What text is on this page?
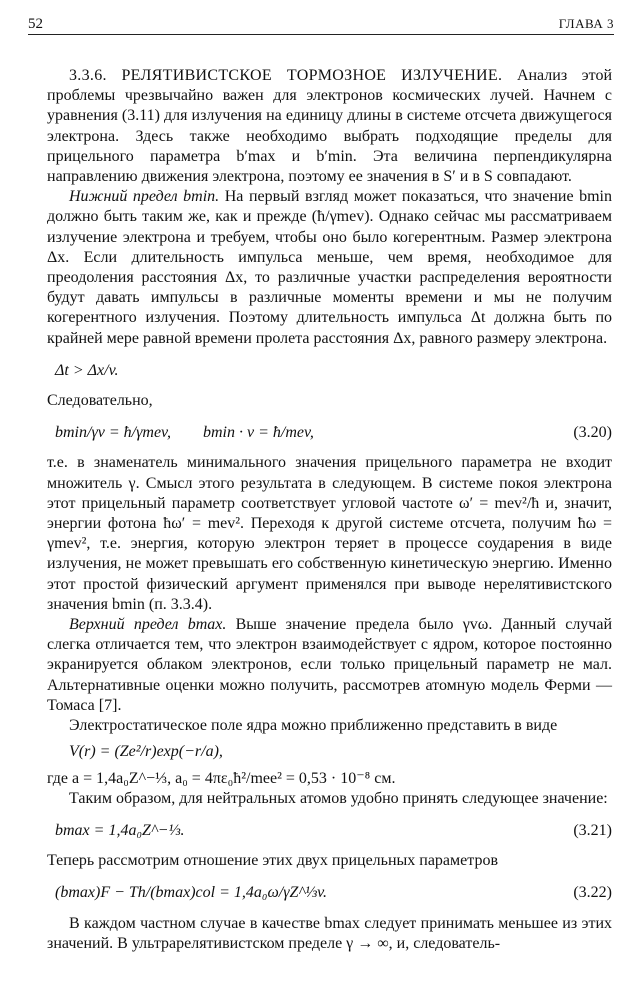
52	ГЛАВА 3

3.3.6. РЕЛЯТИВИСТСКОЕ ТОРМОЗНОЕ ИЗЛУЧЕНИЕ. Анализ этой проблемы чрезвычайно важен для электронов космических лучей. Начнем с уравнения (3.11) для излучения на единицу длины в системе отсчета движущегося электрона. Здесь также необходимо выбрать подходящие пределы для прицельного параметра b′max и b′min. Эта величина перпендикулярна направлению движения электрона, поэтому ее значения в S′ и в S совпадают.

Нижний предел bmin. На первый взгляд может показаться, что значение bmin должно быть таким же, как и прежде (ħ/γmev). Однако сейчас мы рассматриваем излучение электрона и требуем, чтобы оно было когерентным. Размер электрона Δx. Если длительность импульса меньше, чем время, необходимое для преодоления расстояния Δx, то различные участки распределения вероятности будут давать импульсы в различные моменты времени и мы не получим когерентного излучения. Поэтому длительность импульса Δt должна быть по крайней мере равной времени пролета расстояния Δx, равного размеру электрона.

Δt > Δx/v.

Следовательно,

bmin/γv = ħ/γmev,        bmin · v = ħ/mev,	(3.20)

т.е. в знаменатель минимального значения прицельного параметра не входит множитель γ. Смысл этого результата в следующем. В системе покоя электрона этот прицельный параметр соответствует угловой частоте ω′ = mev²/ħ и, значит, энергии фотона ħω′ = mev². Переходя к другой системе отсчета, получим ħω = γmev², т.е. энергия, которую электрон теряет в процессе соударения в виде излучения, не может превышать его собственную кинетическую энергию. Именно этот простой физический аргумент применялся при выводе нерелятивистского значения bmin (п. 3.3.4).

Верхний предел bmax. Выше значение предела было γvω. Данный случай слегка отличается тем, что электрон взаимодействует с ядром, которое постоянно экранируется облаком электронов, если только прицельный параметр не мал. Альтернативные оценки можно получить, рассмотрев атомную модель Ферми — Томаса [7].

Электростатическое поле ядра можно приближенно представить в виде

V(r) = (Ze²/r)exp(−r/a),

где a = 1,4a₀Z^−⅓, a₀ = 4πε₀ħ²/mee² = 0,53 · 10⁻⁸ см.

Таким образом, для нейтральных атомов удобно принять следующее значение:

bmax = 1,4a₀Z^−⅓.	(3.21)

Теперь рассмотрим отношение этих двух прицельных параметров

(bmax)F − Th/(bmax)col = 1,4a₀ω/γZ^⅓v.	(3.22)

В каждом частном случае в качестве bmax следует принимать меньшее из этих значений. В ультрарелятивистском пределе γ → ∞, и, следователь-
